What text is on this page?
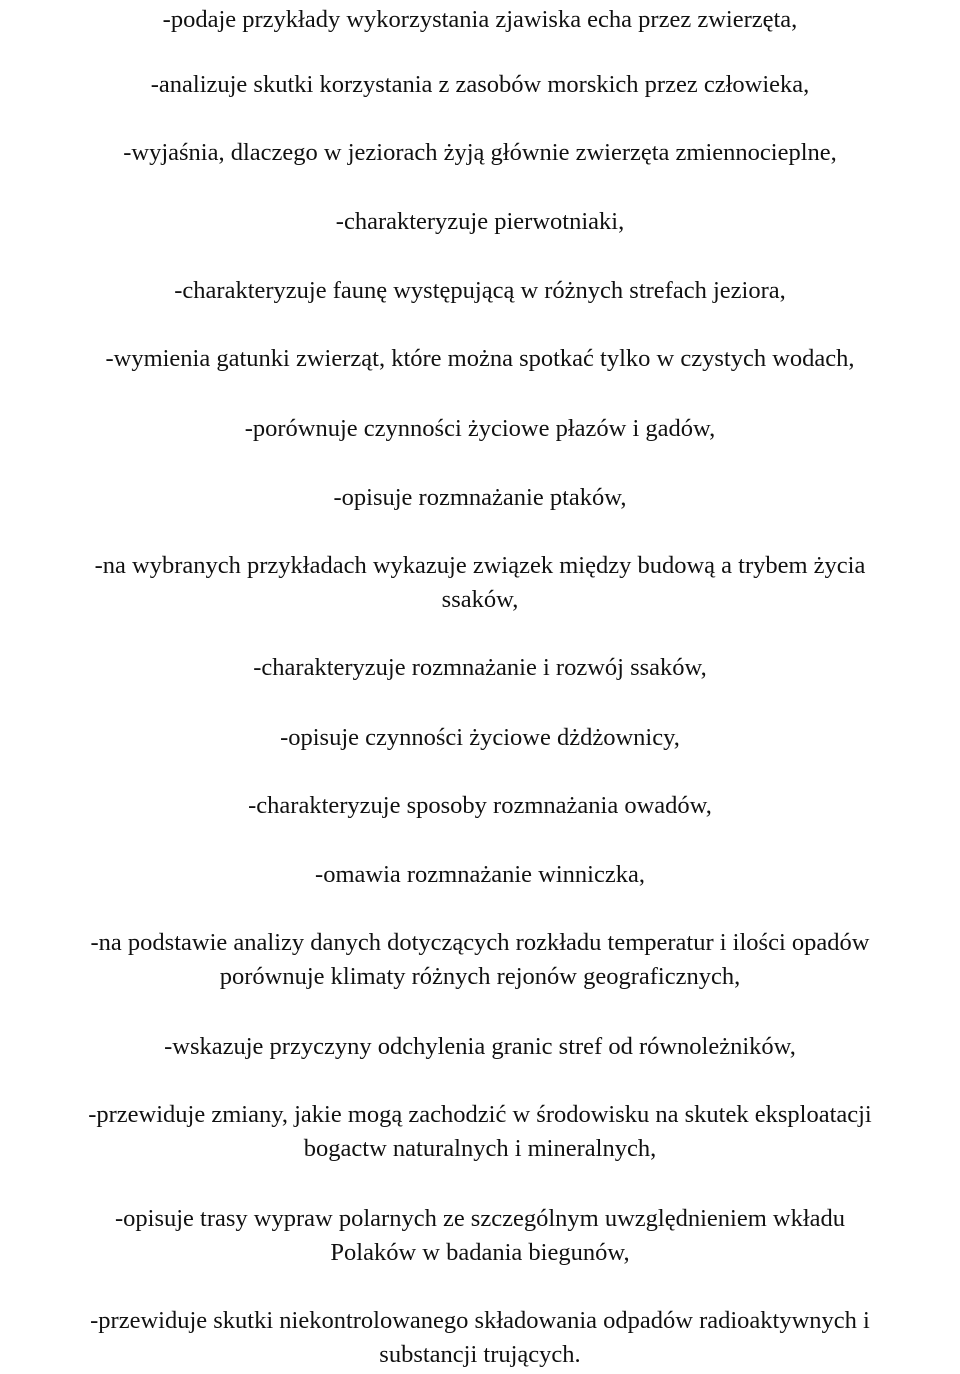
-podaje przykłady wykorzystania zjawiska echa przez zwierzęta,

-analizuje skutki korzystania z zasobów morskich przez człowieka,

-wyjaśnia, dlaczego w jeziorach żyją głównie zwierzęta zmiennocieplne,

-charakteryzuje pierwotniaki,

-charakteryzuje faunę występującą w różnych strefach jeziora,

-wymienia gatunki zwierząt, które można spotkać tylko w czystych wodach,

-porównuje czynności życiowe płazów i gadów,

-opisuje rozmnażanie ptaków,

-na wybranych przykładach wykazuje związek między budową a trybem życia
ssaków,

-charakteryzuje rozmnażanie i rozwój ssaków,

-opisuje czynności życiowe dżdżownicy,

-charakteryzuje sposoby rozmnażania owadów,

-omawia rozmnażanie winniczka,

-na podstawie analizy danych dotyczących rozkładu temperatur i ilości opadów
porównuje klimaty różnych rejonów geograficznych,

-wskazuje przyczyny odchylenia granic stref od równoleżników,

-przewiduje zmiany, jakie mogą zachodzić w środowisku na skutek eksploatacji
bogactw naturalnych i mineralnych,

-opisuje trasy wypraw polarnych ze szczególnym uwzględnieniem wkładu
Polaków w badania biegunów,

-przewiduje skutki niekontrolowanego składowania odpadów radioaktywnych i
substancji trujących.
